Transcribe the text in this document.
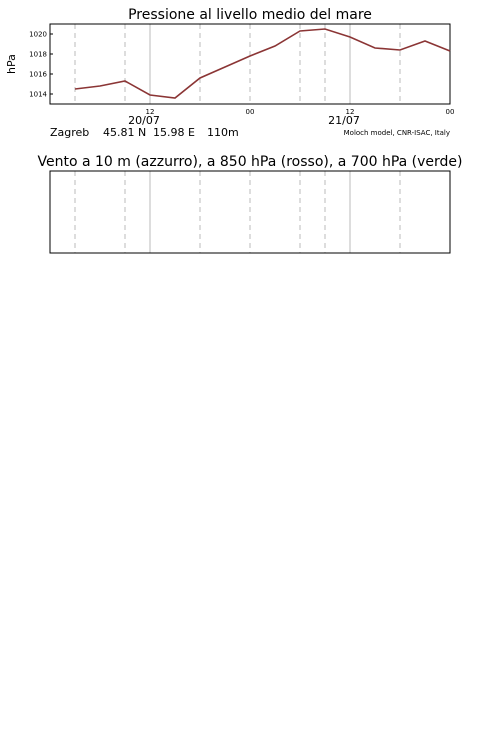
Pressione al livello medio del mare
1014
1016
1018
1020
hPa
12	00	12	00
20/07	21/07
Zagreb 45.81 N 15.98 E 110m	Moloch model, CNR-ISAC, Italy
Vento a 10 m (azzurro), a 850 hPa (rosso), a 700 hPa (verde)
